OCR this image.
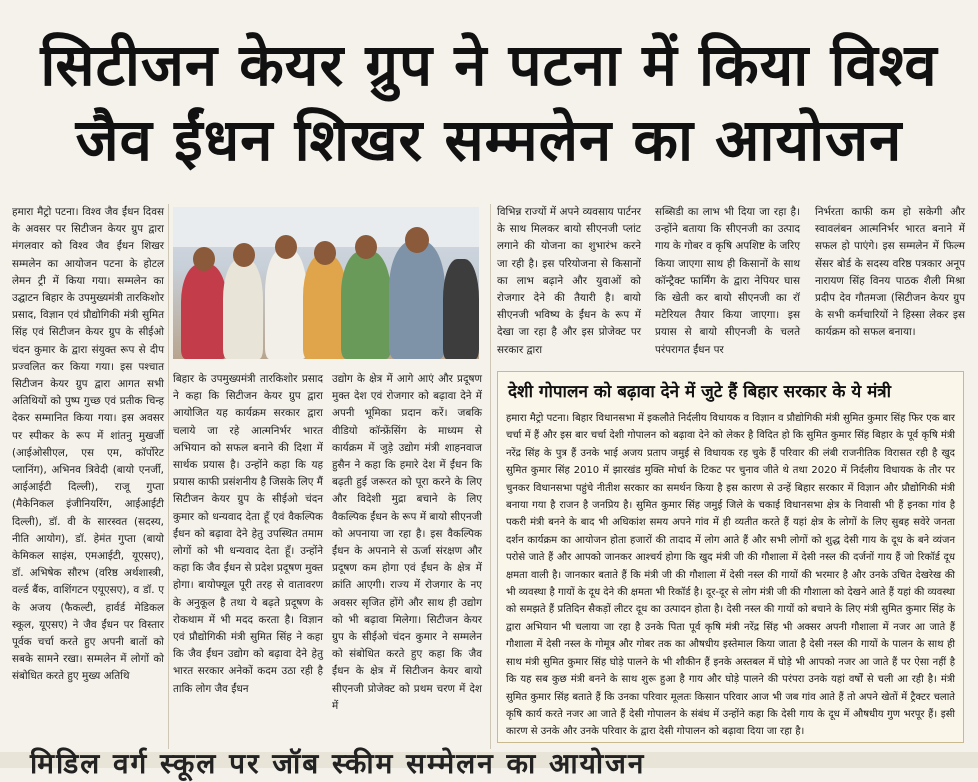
सिटीजन केयर ग्रुप ने पटना में किया विश्व
जैव ईंधन शिखर सम्मलेन का आयोजन
हमारा मैट्रो पटना। विश्व जैव ईंधन दिवस के अवसर पर सिटीजन केयर ग्रुप द्वारा मंगलवार को विश्व जैव ईंधन शिखर सम्मलेन का आयोजन पटना के होटल लेमन ट्री में किया गया। सम्मलेन का उद्घाटन बिहार के उपमुख्यमंत्री तारकिशोर प्रसाद, विज्ञान एवं प्रौद्योगिकी मंत्री सुमित सिंह एवं सिटीजन केयर ग्रुप के सीईओ चंदन कुमार के द्वारा संयुक्त रूप से दीप प्रज्वलित कर किया गया। इस पश्चात सिटीजन केयर ग्रुप द्वारा आगत सभी अतिथियों को पुष्प गुच्छ एवं प्रतीक चिन्ह देकर सम्मानित किया गया। इस अवसर पर स्पीकर के रूप में शांतनु मुखर्जी (आईओसीएल, एस एम, कॉर्पोरेट प्लानिंग), अभिनव त्रिवेदी (बायो एनर्जी, आईआईटी दिल्ली), राजू गुप्ता (मैकेनिकल इंजीनियरिंग, आईआईटी दिल्ली), डॉ. वी के सारस्वत (सदस्य, नीति आयोग), डॉ. हेमंत गुप्ता (बायो केमिकल साइंस, एमआईटी, यूएसए), डॉ. अभिषेक सौरभ (वरिष्ठ अर्थशास्त्री, वर्ल्ड बैंक, वाशिंगटन एयूएसए), व डॉ. ए के अजय (फैकल्टी, हार्वर्ड मेडिकल स्कूल, यूएसए) ने जैव ईंधन पर विस्तार पूर्वक चर्चा करते हुए अपनी बातों को सबके सामने रखा। सम्मलेन में लोगों को संबोधित करते हुए मुख्य अतिथि
बिहार के उपमुख्यमंत्री तारकिशोर प्रसाद ने कहा कि सिटीजन केयर ग्रुप द्वारा आयोजित यह कार्यक्रम सरकार द्वारा चलाये जा रहे आत्मनिर्भर भारत अभियान को सफल बनाने की दिशा में सार्थक प्रयास है। उन्होंने कहा कि यह प्रयास काफी प्रसंशनीय है जिसके लिए मैं सिटीजन केयर ग्रुप के सीईओ चंदन कुमार को धन्यवाद देता हूँ एवं वैकल्पिक ईंधन को बढ़ावा देने हेतु उपस्थित तमाम लोगों को भी धन्यवाद देता हूँ। उन्होंने कहा कि जैव ईंधन से प्रदेश प्रदूषण मुक्त होगा। बायोफ्यूल पूरी तरह से वातावरण के अनुकूल है तथा ये बढ़ते प्रदूषण के रोकथाम में भी मदद करता है। विज्ञान एवं प्रौद्योगिकी मंत्री सुमित सिंह ने कहा कि जैव ईंधन उद्योग को बढ़ावा देने हेतु भारत सरकार अनेकों कदम उठा रही है ताकि लोग जैव ईंधन
उद्योग के क्षेत्र में आगे आएं और प्रदूषण मुक्त देश एवं रोजगार को बढ़ावा देने में अपनी भूमिका प्रदान करें। जबकि वीडियो कॉन्फ्रेंसिंग के माध्यम से कार्यक्रम में जुड़े उद्योग मंत्री शाहनवाज हुसैन ने कहा कि हमारे देश में ईंधन कि बढ़ती हुई जरूरत को पूरा करने के लिए और विदेशी मुद्रा बचाने के लिए वैकल्पिक ईंधन के रूप में बायो सीएनजी को अपनाया जा रहा है। इस वैकल्पिक ईंधन के अपनाने से ऊर्जा संरक्षण और प्रदूषण कम होगा एवं ईंधन के क्षेत्र में क्रांति आएगी। राज्य में रोजगार के नए अवसर सृजित होंगे और साथ ही उद्योग को भी बढ़ावा मिलेगा। सिटीजन केयर ग्रुप के सीईओ चंदन कुमार ने सम्मलेन को संबोधित करते हुए कहा कि जैव ईंधन के क्षेत्र में सिटीजन केयर बायो सीएनजी प्रोजेक्ट को प्रथम चरण में देश में
विभिन्न राज्यों में अपने व्यवसाय पार्टनर के साथ मिलकर बायो सीएनजी प्लांट लगाने की योजना का शुभारंभ करने जा रही है। इस परियोजना से किसानों का लाभ बढ़ाने और युवाओं को रोजगार देने की तैयारी है। बायो सीएनजी भविष्य के ईंधन के रूप में देखा जा रहा है और इस प्रोजेक्ट पर सरकार द्वारा
सब्सिडी का लाभ भी दिया जा रहा है। उन्होंने बताया कि सीएनजी का उत्पाद गाय के गोबर व कृषि अपशिष्ट के जरिए किया जाएगा साथ ही किसानों के साथ कॉन्ट्रैक्ट फार्मिंग के द्वारा नेपियर घास कि खेती कर बायो सीएनजी का रॉ मटेरियल तैयार किया जाएगा। इस प्रयास से बायो सीएनजी के चलते परंपरागत ईंधन पर
निर्भरता काफी कम हो सकेगी और स्वावलंबन आत्मनिर्भर भारत बनाने में सफल हो पाएंगे। इस सम्मलेन में फिल्म सेंसर बोर्ड के सदस्य वरिष्ठ पत्रकार अनूप नारायण सिंह विनय पाठक शैली मिश्रा प्रदीप देव गौतमजा (सिटीजन केयर ग्रुप के सभी कर्मचारियों ने हिस्सा लेकर इस कार्यक्रम को सफल बनाया।
देशी गोपालन को बढ़ावा देने में जुटे हैं बिहार सरकार के ये मंत्री
हमारा मैट्रो पटना। बिहार विधानसभा में इकलौते निर्दलीय विधायक व विज्ञान व प्रौद्योगिकी मंत्री सुमित कुमार सिंह फिर एक बार चर्चा में हैं और इस बार चर्चा देशी गोपालन को बढ़ावा देने को लेकर है विदित हो कि सुमित कुमार सिंह बिहार के पूर्व कृषि मंत्री नरेंद्र सिंह के पुत्र हैं उनके भाई अजय प्रताप जमुई से विधायक रह चुके हैं परिवार की लंबी राजनीतिक विरासत रही है खुद सुमित कुमार सिंह 2010 में झारखंड मुक्ति मोर्चा के टिकट पर चुनाव जीते थे तथा 2020 में निर्दलीय विधायक के तौर पर चुनकर विधानसभा पहुंचे नीतीश सरकार का समर्थन किया है इस कारण से उन्हें बिहार सरकार में विज्ञान और प्रौद्योगिकी मंत्री बनाया गया है राजन है जनप्रिय है। सुमित कुमार सिंह जमुई जिले के चकाई विधानसभा क्षेत्र के निवासी भी हैं इनका गांव है पकरी मंत्री बनने के बाद भी अधिकांश समय अपने गांव में ही व्यतीत करते हैं यहां क्षेत्र के लोगों के लिए सुबह सवेरे जनता दर्शन कार्यक्रम का आयोजन होता हजारों की तादाद में लोग आते हैं और सभी लोगों को शुद्ध देसी गाय के दूध के बने व्यंजन परोसे जाते हैं और आपको जानकर आश्चर्य होगा कि खुद मंत्री जी की गौशाला में देसी नस्ल की दर्जनों गाय हैं जो रिकॉर्ड दूध क्षमता वाली है। जानकार बताते हैं कि मंत्री जी की गौशाला में देसी नस्ल की गायों की भरमार है और उनके उचित देखरेख की भी व्यवस्था है गायों के दूध देने की क्षमता भी रिकॉर्ड है। दूर-दूर से लोग मंत्री जी की गौशाला को देखने आते हैं यहां की व्यवस्था को समझते हैं प्रतिदिन सैकड़ों लीटर दूध का उत्पादन होता है। देसी नस्ल की गायों को बचाने के लिए मंत्री सुमित कुमार सिंह के द्वारा अभियान भी चलाया जा रहा है उनके पिता पूर्व कृषि मंत्री नरेंद्र सिंह भी अक्सर अपनी गौशाला में नजर आ जाते हैं गौशाला में देसी नस्ल के गोमूत्र और गोबर तक का औषधीय इस्तेमाल किया जाता है देसी नस्ल की गायों के पालन के साथ ही साथ मंत्री सुमित कुमार सिंह घोड़े पालने के भी शौकीन हैं इनके अस्तबल में घोड़े भी आपको नजर आ जाते हैं पर ऐसा नहीं है कि यह सब कुछ मंत्री बनने के साथ शुरू हुआ है गाय और घोड़े पालने की परंपरा उनके यहां वर्षों से चली आ रही है। मंत्री सुमित कुमार सिंह बताते हैं कि उनका परिवार मूलतः किसान परिवार आज भी जब गांव आते हैं तो अपने खेतों में ट्रैक्टर चलाते कृषि कार्य करते नजर आ जाते हैं देसी गोपालन के संबंध में उन्होंने कहा कि देसी गाय के दूध में औषधीय गुण भरपूर हैं। इसी कारण से उनके और उनके परिवार के द्वारा देसी गोपालन को बढ़ावा दिया जा रहा है।
मिडिल वर्ग स्कूल पर जॉब स्कीम सम्मेलन का आयोजन
